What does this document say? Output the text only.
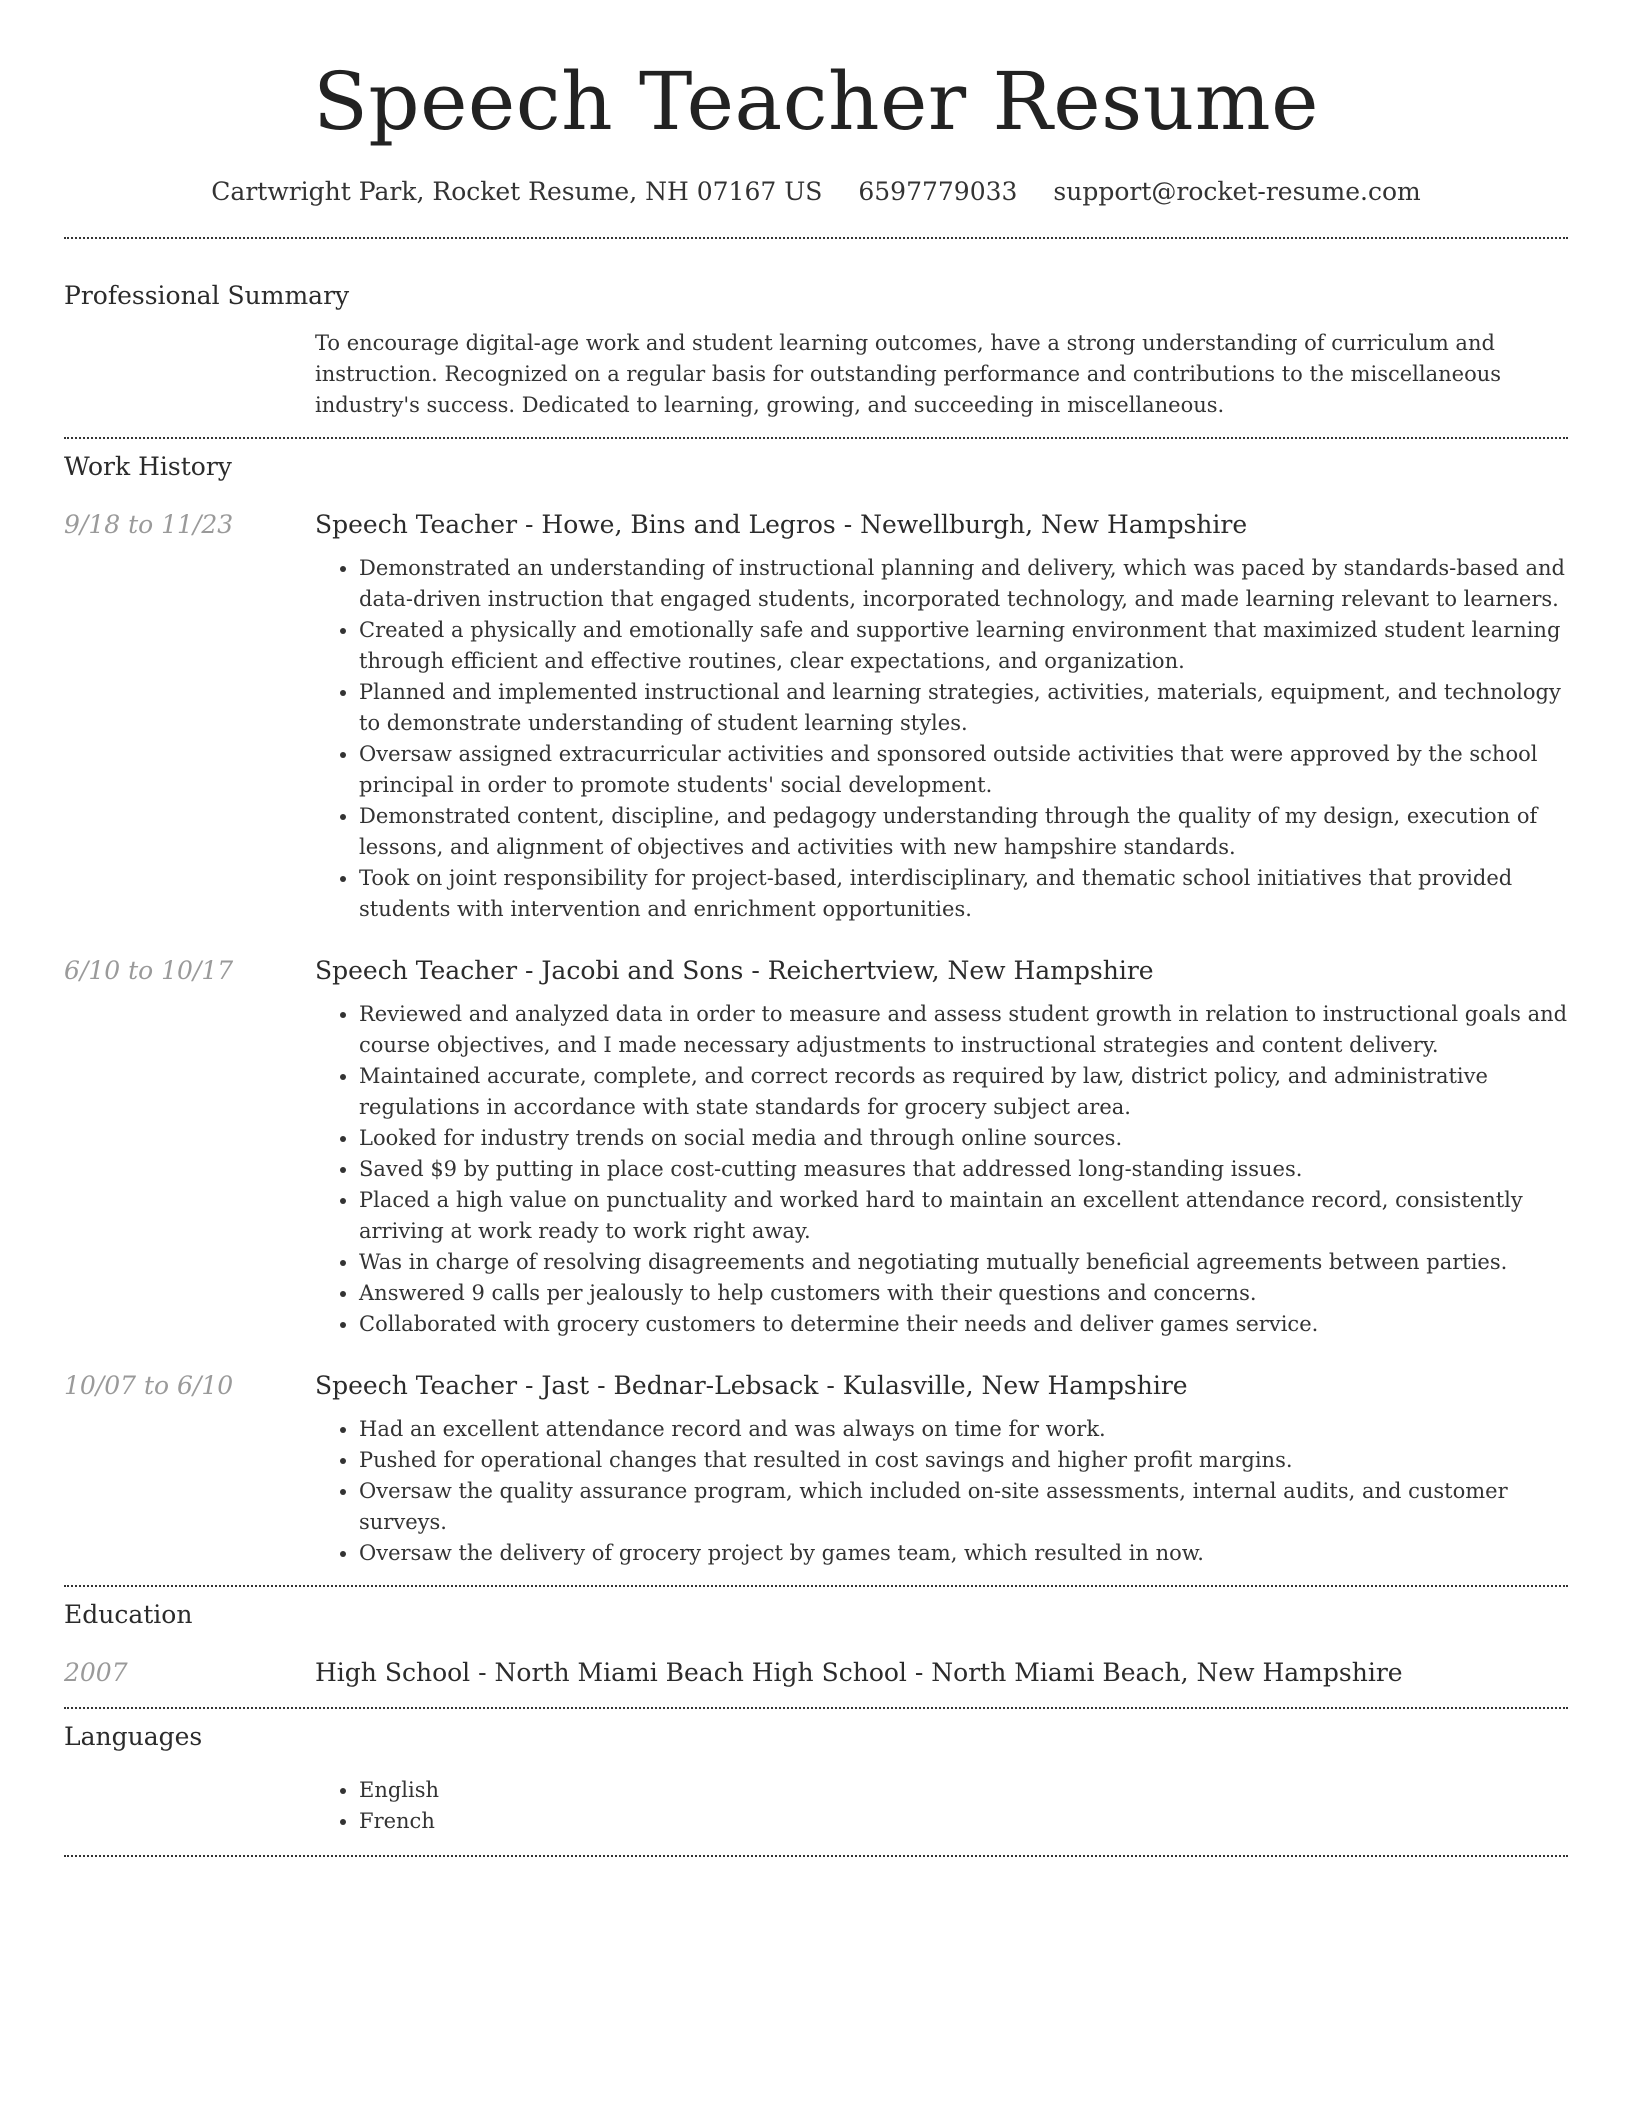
Speech Teacher Resume
Cartwright Park, Rocket Resume, NH 07167 US 6597779033 support@rocket-resume.com
Professional Summary
To encourage digital-age work and student learning outcomes, have a strong understanding of curriculum and instruction. Recognized on a regular basis for outstanding performance and contributions to the miscellaneous industry's success. Dedicated to learning, growing, and succeeding in miscellaneous.
Work History
9/18 to 11/23	Speech Teacher - Howe, Bins and Legros - Newellburgh, New Hampshire
• Demonstrated an understanding of instructional planning and delivery, which was paced by standards-based and data-driven instruction that engaged students, incorporated technology, and made learning relevant to learners.
• Created a physically and emotionally safe and supportive learning environment that maximized student learning through efficient and effective routines, clear expectations, and organization.
• Planned and implemented instructional and learning strategies, activities, materials, equipment, and technology to demonstrate understanding of student learning styles.
• Oversaw assigned extracurricular activities and sponsored outside activities that were approved by the school principal in order to promote students' social development.
• Demonstrated content, discipline, and pedagogy understanding through the quality of my design, execution of lessons, and alignment of objectives and activities with new hampshire standards.
• Took on joint responsibility for project-based, interdisciplinary, and thematic school initiatives that provided students with intervention and enrichment opportunities.
6/10 to 10/17	Speech Teacher - Jacobi and Sons - Reichertview, New Hampshire
• Reviewed and analyzed data in order to measure and assess student growth in relation to instructional goals and course objectives, and I made necessary adjustments to instructional strategies and content delivery.
• Maintained accurate, complete, and correct records as required by law, district policy, and administrative regulations in accordance with state standards for grocery subject area.
• Looked for industry trends on social media and through online sources.
• Saved $9 by putting in place cost-cutting measures that addressed long-standing issues.
• Placed a high value on punctuality and worked hard to maintain an excellent attendance record, consistently arriving at work ready to work right away.
• Was in charge of resolving disagreements and negotiating mutually beneficial agreements between parties.
• Answered 9 calls per jealously to help customers with their questions and concerns.
• Collaborated with grocery customers to determine their needs and deliver games service.
10/07 to 6/10	Speech Teacher - Jast - Bednar-Lebsack - Kulasville, New Hampshire
• Had an excellent attendance record and was always on time for work.
• Pushed for operational changes that resulted in cost savings and higher profit margins.
• Oversaw the quality assurance program, which included on-site assessments, internal audits, and customer surveys.
• Oversaw the delivery of grocery project by games team, which resulted in now.
Education
2007	High School - North Miami Beach High School - North Miami Beach, New Hampshire
Languages
• English
• French
